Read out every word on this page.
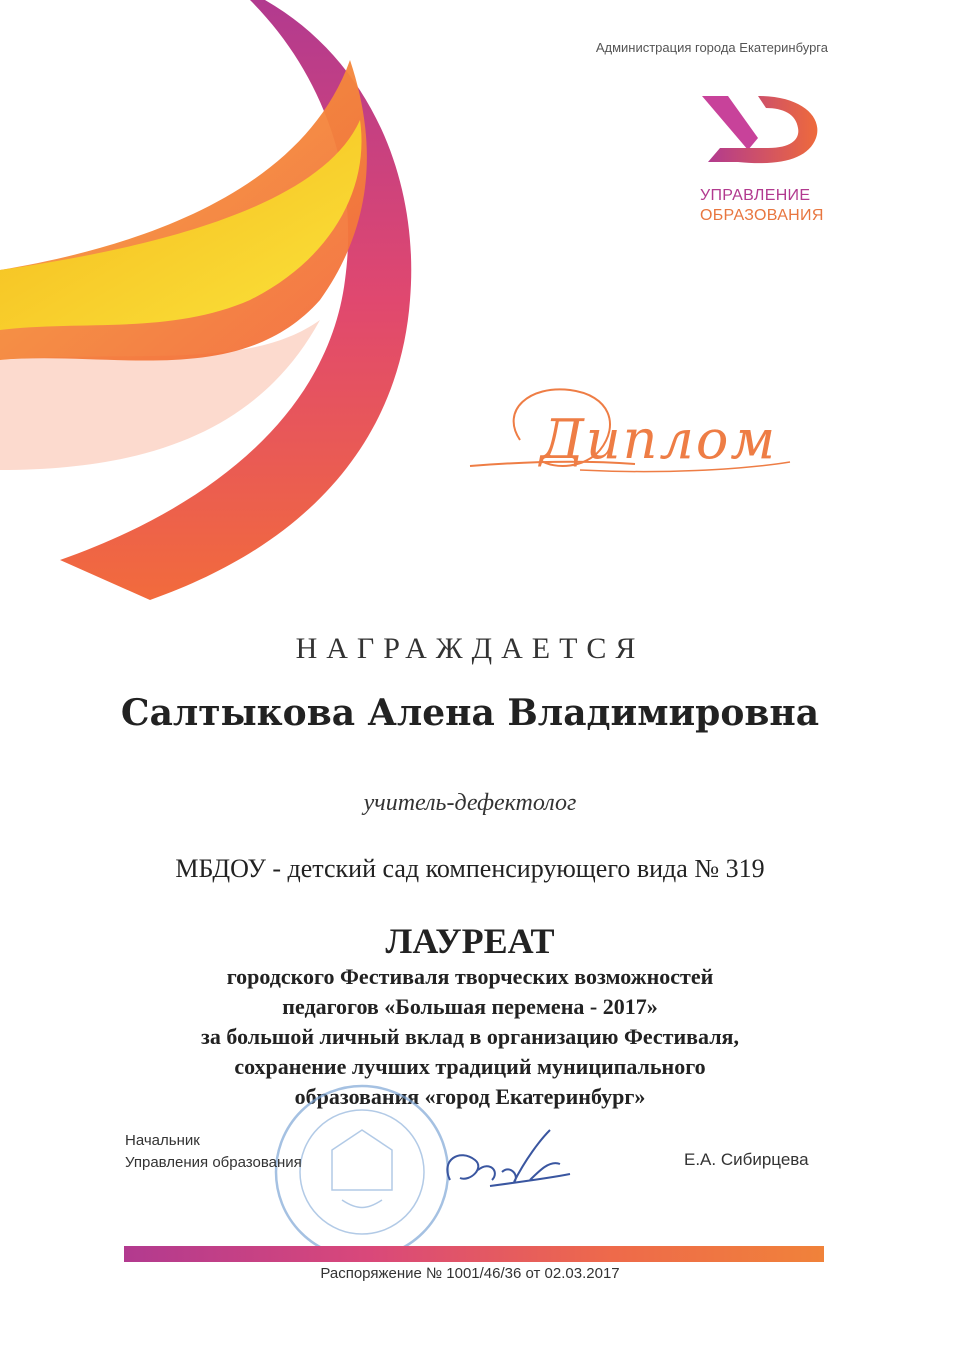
Администрация города Екатеринбурга
УПРАВЛЕНИЕ
ОБРАЗОВАНИЯ
Диплом
НАГРАЖДАЕТСЯ
Салтыкова Алена Владимировна
учитель-дефектолог
МБДОУ - детский сад компенсирующего вида № 319
ЛАУРЕАТ
городского Фестиваля творческих возможностей
педагогов «Большая перемена - 2017»
за большой личный вклад в организацию Фестиваля,
сохранение лучших традиций муниципального
образования «город Екатеринбург»
Начальник
Управления образования	Е.А. Сибирцева
Распоряжение № 1001/46/36 от 02.03.2017
